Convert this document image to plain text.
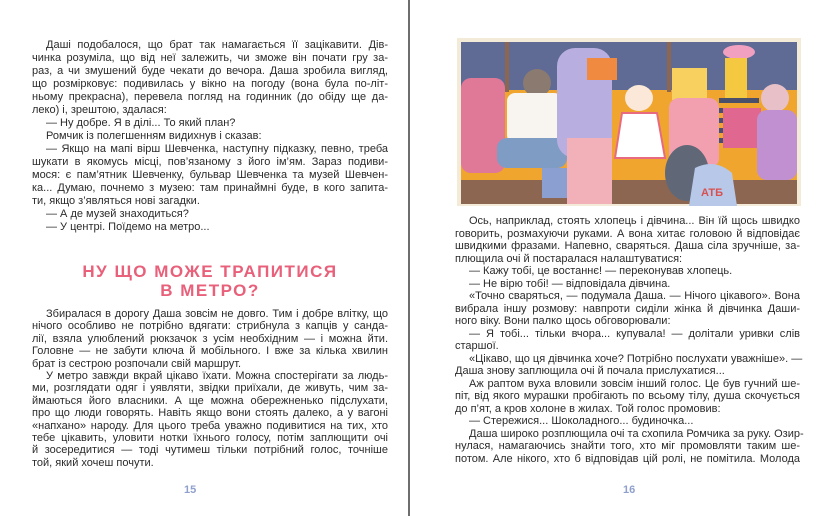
Даші подобалося, що брат так намагається її зацікавити. Дів-
чинка розуміла, що від неї залежить, чи зможе він почати гру за-
раз, а чи змушений буде чекати до вечора. Даша зробила вигляд,
що розмірковує: подивилась у вікно на погоду (вона була по-літ-
ньому прекрасна), перевела погляд на годинник (до обіду ще да-
леко) і, зрештою, здалася:
— Ну добре. Я в ділі... То який план?
Ромчик із полегшенням видихнув і сказав:
— Якщо на мапі вірш Шевченка, наступну підказку, певно, треба
шукати в якомусь місці, пов’язаному з його ім’ям. Зараз подиви-
мося: є пам’ятник Шевченку, бульвар Шевченка та музей Шевчен-
ка... Думаю, почнемо з музею: там принаймні буде, в кого запита-
ти, якщо з’являться нові загадки.
— А де музей знаходиться?
— У центрі. Поїдемо на метро...
НУ ЩО МОЖЕ ТРАПИТИСЯ
В МЕТРО?
Збиралася в дорогу Даша зовсім не довго. Тим і добре влітку, що
нічого особливо не потрібно вдягати: стрибнула з капців у санда-
лії, взяла улюблений рюкзачок з усім необхідним — і можна йти.
Головне — не забути ключа й мобільного. І вже за кілька хвилин
брат із сестрою розпочали свій маршрут.
У метро завжди вкрай цікаво їхати. Можна спостерігати за людь-
ми, розглядати одяг і уявляти, звідки приїхали, де живуть, чим за-
ймаються його власники. А ще можна обережненько підслухати,
про що люди говорять. Навіть якщо вони стоять далеко, а у вагоні
«напхано» народу. Для цього треба уважно подивитися на тих, хто
тебе цікавить, уловити нотки їхнього голосу, потім заплющити очі
й зосередитися — тоді чутимеш тільки потрібний голос, точніше
той, який хочеш почути.
15
АТБ
Ось, наприклад, стоять хлопець і дівчина... Він їй щось швидко
говорить, розмахуючи руками. А вона хитає головою й відповідає
швидкими фразами. Напевно, сваряться. Даша сіла зручніше, за-
плющила очі й постаралася налаштуватися:
— Кажу тобі, це востаннє! — переконував хлопець.
— Не вірю тобі! — відповідала дівчина.
«Точно сваряться, — подумала Даша. — Нічого цікавого». Вона
вибрала іншу розмову: навпроти сиділи жінка й дівчинка Даши-
ного віку. Вони палко щось обговорювали:
— Я тобі... тільки вчора... купувала! — долітали уривки слів
старшої.
«Цікаво, що ця дівчинка хоче? Потрібно послухати уважніше». —
Даша знову заплющила очі й почала прислухатися...
Аж раптом вуха вловили зовсім інший голос. Це був гучний ше-
піт, від якого мурашки пробігають по всьому тілу, душа скочується
до п’ят, а кров холоне в жилах. Той голос промовив:
— Стережися... Шоколадного... будиночка...
Даша широко розплющила очі та схопила Ромчика за руку. Озир-
нулася, намагаючись знайти того, хто міг промовляти таким ше-
потом. Але нікого, хто б відповідав цій ролі, не помітила. Молода
16
